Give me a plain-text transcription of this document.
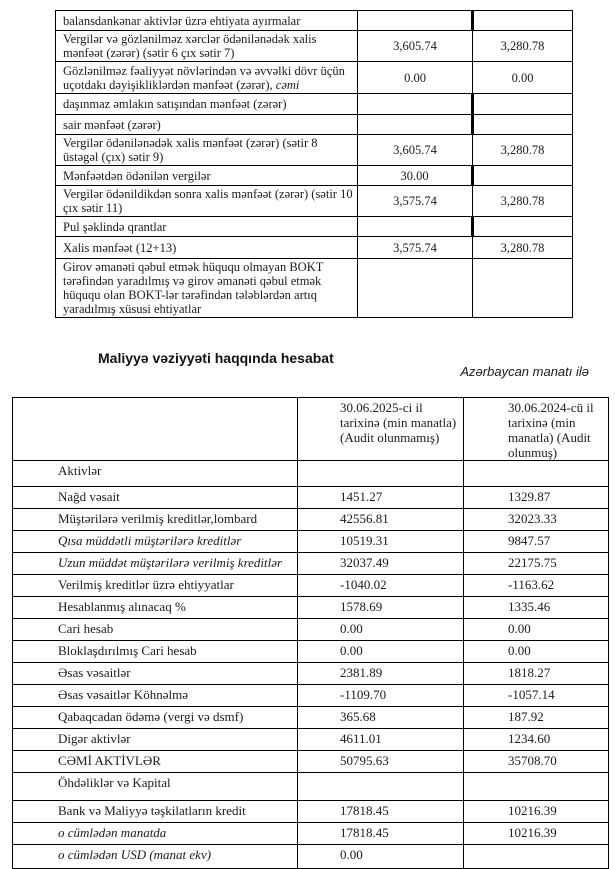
balansdankənar aktivlər üzrə ehtiyata ayırmalar		
Vergilər və gözlənilməz xərclər ödənilənədək xalis mənfəət (zərər) (sətir 6 çıx sətir 7)	3,605.74	3,280.78
Gözlənilməz fəaliyyət növlərindən və əvvəlki dövr üçün uçotdakı dəyişikliklərdən mənfəət (zərər), cəmi	0.00	0.00
daşınmaz əmlakın satışından mənfəət (zərər)		
sair mənfəət (zərər)		
Vergilər ödənilənədək xalis mənfəət (zərər) (sətir 8 üstəgəl (çıx) sətir 9)	3,605.74	3,280.78
Mənfəətdən ödənilən vergilər	30.00	
Vergilər ödənildikdən sonra xalis mənfəət (zərər) (sətir 10 çıx sətir 11)	3,575.74	3,280.78
Pul şəklində qrantlar		
Xalis mənfəət (12+13)	3,575.74	3,280.78
Girov əmanəti qəbul etmək hüququ olmayan BOKT tərəfindən yaradılmış və girov əmanəti qəbul etmək hüququ olan BOKT-lər tərəfindən tələblərdən artıq yaradılmış xüsusi ehtiyatlar		
Maliyyə vəziyyəti haqqında hesabat
Azərbaycan manatı ilə
	30.06.2025-ci il tarixinə (min manatla) (Audit olunmamış)	30.06.2024-cü il tarixinə (min manatla) (Audit olunmuş)
Aktivlər		
Nağd vəsait	1451.27	1329.87
Müştərilərə verilmiş kreditlər,lombard	42556.81	32023.33
Qısa müddətli müştərilərə kreditlər	10519.31	9847.57
Uzun müddət müştərilərə verilmiş kreditlər	32037.49	22175.75
Verilmiş kreditlər üzrə ehtiyyatlar	-1040.02	-1163.62
Hesablanmış alınacaq %	1578.69	1335.46
Cari hesab	0.00	0.00
Bloklaşdırılmış Cari hesab	0.00	0.00
Əsas vəsaitlər	2381.89	1818.27
Əsas vəsaitlər Köhnəlmə	-1109.70	-1057.14
Qabaqcadan ödəmə (vergi və dsmf)	365.68	187.92
Digər aktivlər	4611.01	1234.60
CƏMİ AKTİVLƏR	50795.63	35708.70
Öhdəliklər və Kapital		
Bank və Maliyyə təşkilatların kredit	17818.45	10216.39
o cümlədən manatda	17818.45	10216.39
o cümlədən USD (manat ekv)	0.00	
